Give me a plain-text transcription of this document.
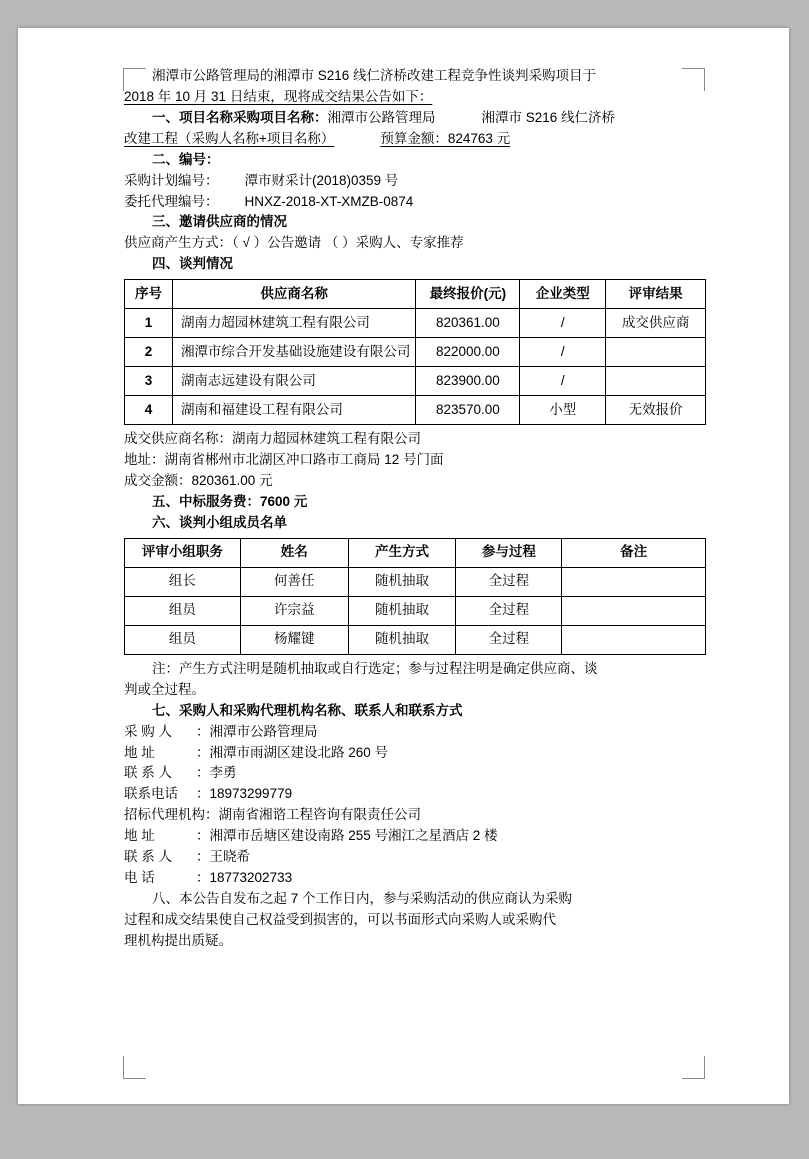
湘潭市公路管理局的湘潭市 S216 线仁济桥改建工程竞争性谈判采购项目于

2018 年 10 月 31 日结束，现将成交结果公告如下：

一、项目名称采购项目名称：湘潭市公路管理局	湘潭市 S216 线仁济桥

改建工程（采购人名称+项目名称）	预算金额：824763 元

二、编号：

采购计划编号： 潭市财采计(2018)0359 号

委托代理编号： HNXZ-2018-XT-XMZB-0874

三、邀请供应商的情况

供应商产生方式：（ √ ）公告邀请 （ ）采购人、专家推荐

四、谈判情况

序号	供应商名称	最终报价(元)	企业类型	评审结果
1	湖南力超园林建筑工程有限公司	820361.00	/	成交供应商
2	湘潭市综合开发基础设施建设有限公司	822000.00	/	
3	湖南志远建设有限公司	823900.00	/	
4	湖南和福建设工程有限公司	823570.00	小型	无效报价

成交供应商名称：湖南力超园林建筑工程有限公司

地址：湖南省郴州市北湖区冲口路市工商局 12 号门面

成交金额：820361.00 元

五、中标服务费：7600 元

六、谈判小组成员名单

评审小组职务	姓名	产生方式	参与过程	备注
组长	何善任	随机抽取	全过程	
组员	许宗益	随机抽取	全过程	
组员	杨耀键	随机抽取	全过程	

注：产生方式注明是随机抽取或自行选定；参与过程注明是确定供应商、谈

判或全过程。

七、采购人和采购代理机构名称、联系人和联系方式

采 购 人 ：湘潭市公路管理局

地 址	：湘潭市雨湖区建设北路 260 号

联 系 人 ：李勇

联系电话 ：18973299779

招标代理机构：湖南省湘谘工程咨询有限责任公司

地 址	：湘潭市岳塘区建设南路 255 号湘江之星酒店 2 楼

联 系 人 ：王晓希

电 话	：18773202733

八、本公告自发布之起 7 个工作日内，参与采购活动的供应商认为采购

过程和成交结果使自己权益受到损害的，可以书面形式向采购人或采购代

理机构提出质疑。
